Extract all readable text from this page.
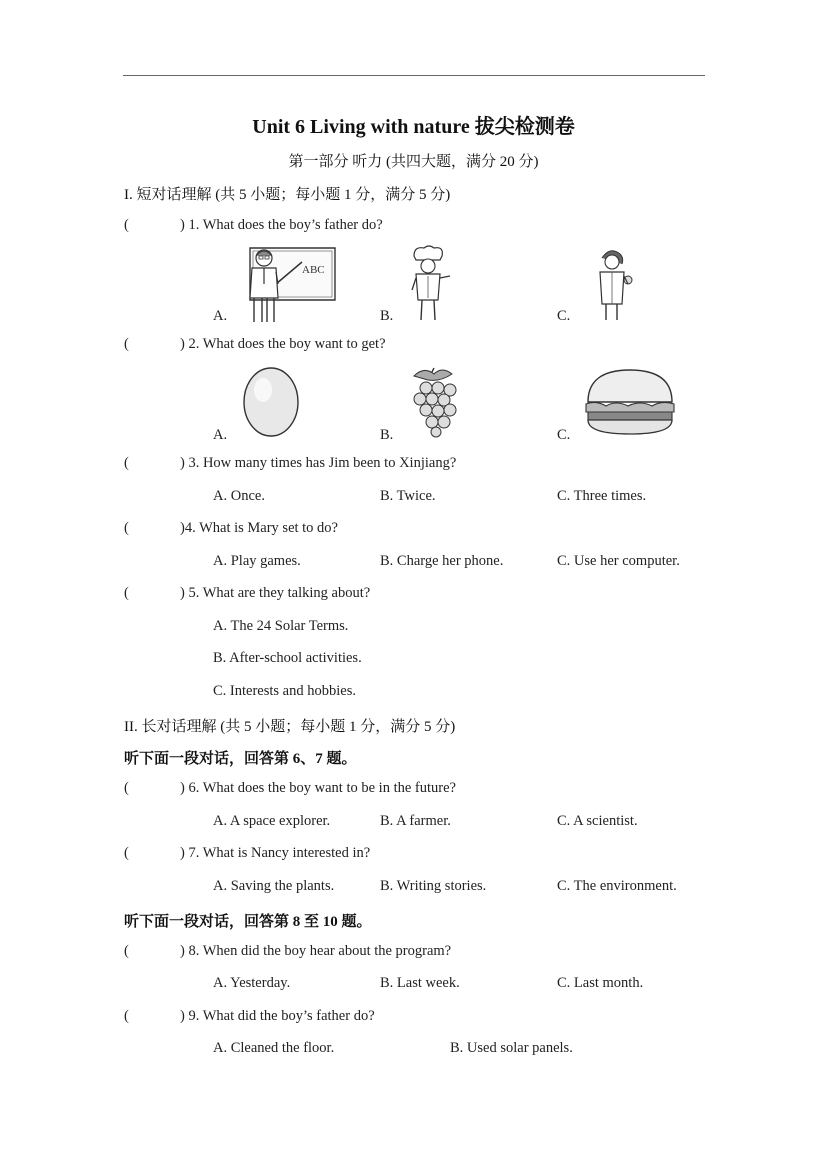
Unit 6 Living with nature 拔尖检测卷
第一部分 听力 (共四大题，满分 20 分)
I. 短对话理解 (共 5 小题；每小题 1 分，满分 5 分)
(	) 1. What does the boy’s father do?
ABC
A.	B.	C.
(	) 2. What does the boy want to get?
A.	B.	C.
(	) 3. How many times has Jim been to Xinjiang?
A. Once.	B. Twice.	C. Three times.
(	)4. What is Mary set to do?
A. Play games.	B. Charge her phone.	C. Use her computer.
(	) 5. What are they talking about?
A. The 24 Solar Terms.
B. After-school activities.
C. Interests and hobbies.
II. 长对话理解 (共 5 小题；每小题 1 分，满分 5 分)
听下面一段对话，回答第 6、7 题。
(	) 6. What does the boy want to be in the future?
A. A space explorer.	B. A farmer.	C. A scientist.
(	) 7. What is Nancy interested in?
A. Saving the plants.	B. Writing stories.	C. The environment.
听下面一段对话，回答第 8 至 10 题。
(	) 8. When did the boy hear about the program?
A. Yesterday.	B. Last week.	C. Last month.
(	) 9. What did the boy’s father do?
A. Cleaned the floor.	B. Used solar panels.
